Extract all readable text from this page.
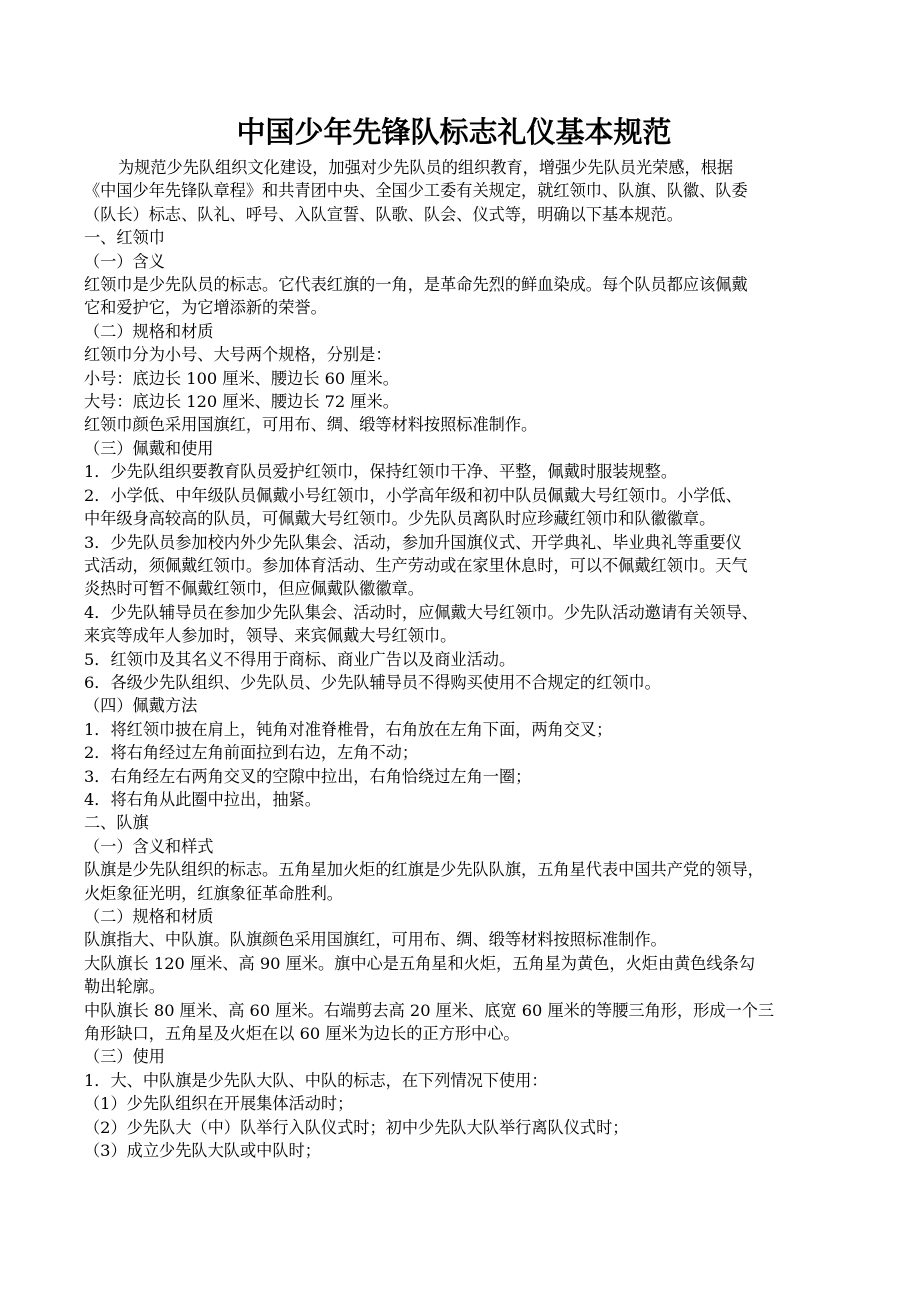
中国少年先锋队标志礼仪基本规范
为规范少先队组织文化建设，加强对少先队员的组织教育，增强少先队员光荣感，根据
《中国少年先锋队章程》和共青团中央、全国少工委有关规定，就红领巾、队旗、队徽、队委
（队长）标志、队礼、呼号、入队宣誓、队歌、队会、仪式等，明确以下基本规范。
一、红领巾
（一）含义
红领巾是少先队员的标志。它代表红旗的一角，是革命先烈的鲜血染成。每个队员都应该佩戴
它和爱护它，为它增添新的荣誉。
（二）规格和材质
红领巾分为小号、大号两个规格，分别是：
小号：底边长 100 厘米、腰边长 60 厘米。
大号：底边长 120 厘米、腰边长 72 厘米。
红领巾颜色采用国旗红，可用布、绸、缎等材料按照标准制作。
（三）佩戴和使用
1．少先队组织要教育队员爱护红领巾，保持红领巾干净、平整，佩戴时服装规整。
2．小学低、中年级队员佩戴小号红领巾，小学高年级和初中队员佩戴大号红领巾。小学低、
中年级身高较高的队员，可佩戴大号红领巾。少先队员离队时应珍藏红领巾和队徽徽章。
3．少先队员参加校内外少先队集会、活动，参加升国旗仪式、开学典礼、毕业典礼等重要仪
式活动，须佩戴红领巾。参加体育活动、生产劳动或在家里休息时，可以不佩戴红领巾。天气
炎热时可暂不佩戴红领巾，但应佩戴队徽徽章。
4．少先队辅导员在参加少先队集会、活动时，应佩戴大号红领巾。少先队活动邀请有关领导、
来宾等成年人参加时，领导、来宾佩戴大号红领巾。
5．红领巾及其名义不得用于商标、商业广告以及商业活动。
6．各级少先队组织、少先队员、少先队辅导员不得购买使用不合规定的红领巾。
（四）佩戴方法
1．将红领巾披在肩上，钝角对准脊椎骨，右角放在左角下面，两角交叉；
2．将右角经过左角前面拉到右边，左角不动；
3．右角经左右两角交叉的空隙中拉出，右角恰绕过左角一圈；
4．将右角从此圈中拉出，抽紧。
二、队旗
（一）含义和样式
队旗是少先队组织的标志。五角星加火炬的红旗是少先队队旗，五角星代表中国共产党的领导，
火炬象征光明，红旗象征革命胜利。
（二）规格和材质
队旗指大、中队旗。队旗颜色采用国旗红，可用布、绸、缎等材料按照标准制作。
大队旗长 120 厘米、高 90 厘米。旗中心是五角星和火炬，五角星为黄色，火炬由黄色线条勾
勒出轮廓。
中队旗长 80 厘米、高 60 厘米。右端剪去高 20 厘米、底宽 60 厘米的等腰三角形，形成一个三
角形缺口，五角星及火炬在以 60 厘米为边长的正方形中心。
（三）使用
1．大、中队旗是少先队大队、中队的标志，在下列情况下使用：
（1）少先队组织在开展集体活动时；
（2）少先队大（中）队举行入队仪式时；初中少先队大队举行离队仪式时；
（3）成立少先队大队或中队时；
